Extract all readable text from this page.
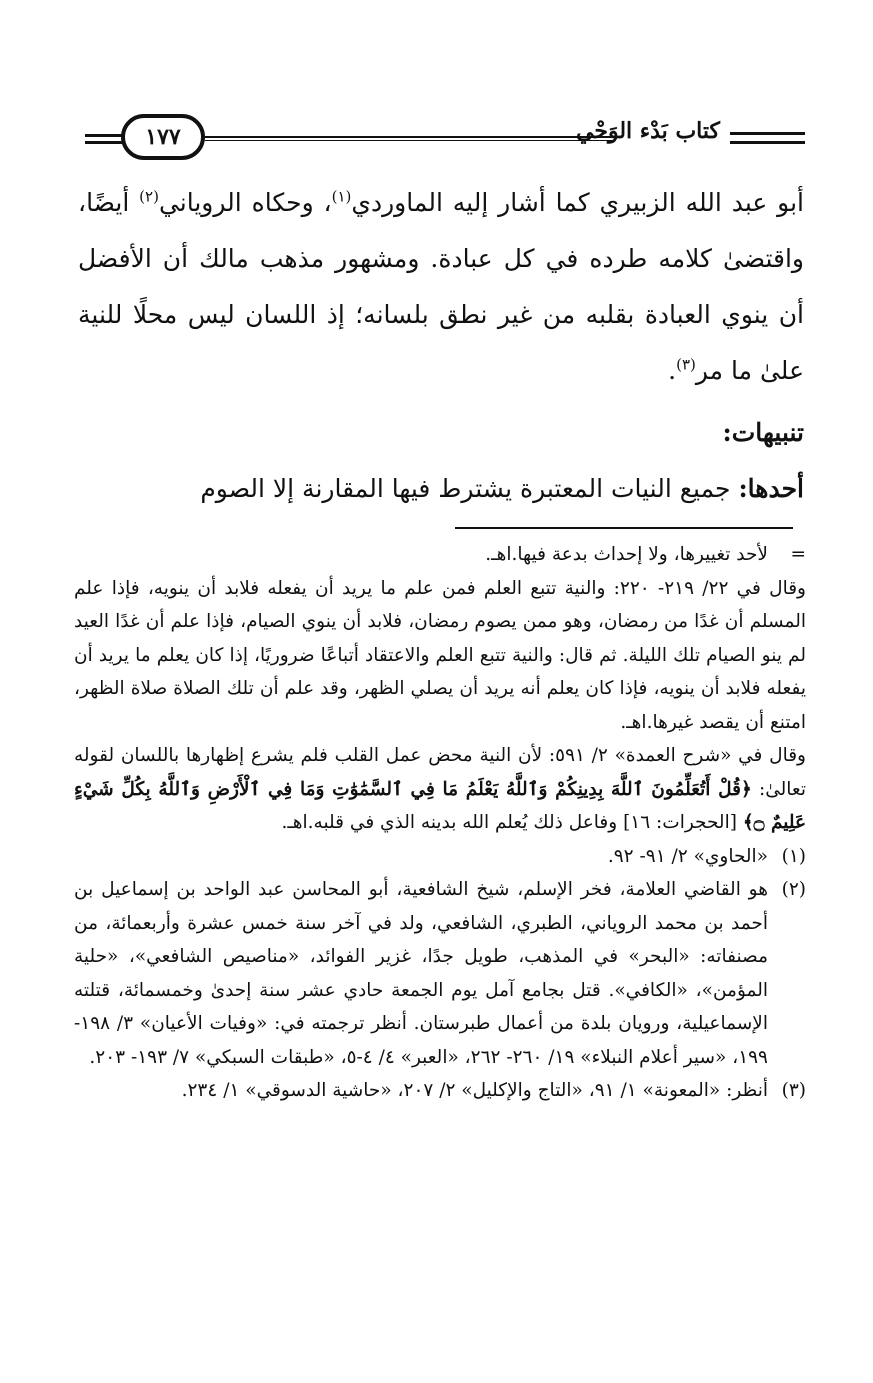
١٧٧	كتاب بَدْء الوَحْي

أبو عبد الله الزبيري كما أشار إليه الماوردي$^{(١)}$، وحكاه الروياني$^{(٢)}$ أيضًا، واقتضىٰ كلامه طرده في كل عبادة. ومشهور مذهب مالك أن الأفضل أن ينوي العبادة بقلبه من غير نطق بلسانه؛ إذ اللسان ليس محلًا للنية علىٰ ما مر$^{(٣)}$.

تنبيهات:

أحدها: جميع النيات المعتبرة يشترط فيها المقارنة إلا الصوم

=
لأحد تغييرها، ولا إحداث بدعة فيها.اهـ.
وقال في ٢٢/ ٢١٩- ٢٢٠: والنية تتبع العلم فمن علم ما يريد أن يفعله فلابد أن ينويه، فإذا علم المسلم أن غدًا من رمضان، وهو ممن يصوم رمضان، فلابد أن ينوي الصيام، فإذا علم أن غدًا العيد لم ينو الصيام تلك الليلة. ثم قال: والنية تتبع العلم والاعتقاد أتباعًا ضروريًا، إذا كان يعلم ما يريد أن يفعله فلابد أن ينويه، فإذا كان يعلم أنه يريد أن يصلي الظهر، وقد علم أن تلك الصلاة صلاة الظهر، امتنع أن يقصد غيرها.اهـ.
وقال في «شرح العمدة» ٢/ ٥٩١: لأن النية محض عمل القلب فلم يشرع إظهارها باللسان لقوله تعالىٰ: ﴿قُلْ أَتُعَلِّمُونَ ٱللَّهَ بِدِينِكُمْ وَٱللَّهُ يَعْلَمُ مَا فِي ٱلسَّمَٰوَٰتِ وَمَا فِي ٱلْأَرْضِ وَٱللَّهُ بِكُلِّ شَيْءٍ عَلِيمٌ ۝﴾ [الحجرات: ١٦] وفاعل ذلك يُعلم الله بدينه الذي في قلبه.اهـ.
(١)
«الحاوي» ٢/ ٩١- ٩٢.
(٢)
هو القاضي العلامة، فخر الإسلم، شيخ الشافعية، أبو المحاسن عبد الواحد بن إسماعيل بن أحمد بن محمد الروياني، الطبري، الشافعي، ولد في آخر سنة خمس عشرة وأربعمائة، من مصنفاته: «البحر» في المذهب، طويل جدًا، غزير الفوائد، «مناصيص الشافعي»، «حلية المؤمن»، «الكافي». قتل بجامع آمل يوم الجمعة حادي عشر سنة إحدىٰ وخمسمائة، قتلته الإسماعيلية، ورويان بلدة من أعمال طبرستان. أنظر ترجمته في: «وفيات الأعيان» ٣/ ١٩٨- ١٩٩، «سير أعلام النبلاء» ١٩/ ٢٦٠- ٢٦٢، «العبر» ٤/ ٤-٥، «طبقات السبكي» ٧/ ١٩٣- ٢٠٣.
(٣)
أنظر: «المعونة» ١/ ٩١، «التاج والإكليل» ٢/ ٢٠٧، «حاشية الدسوقي» ١/ ٢٣٤.
